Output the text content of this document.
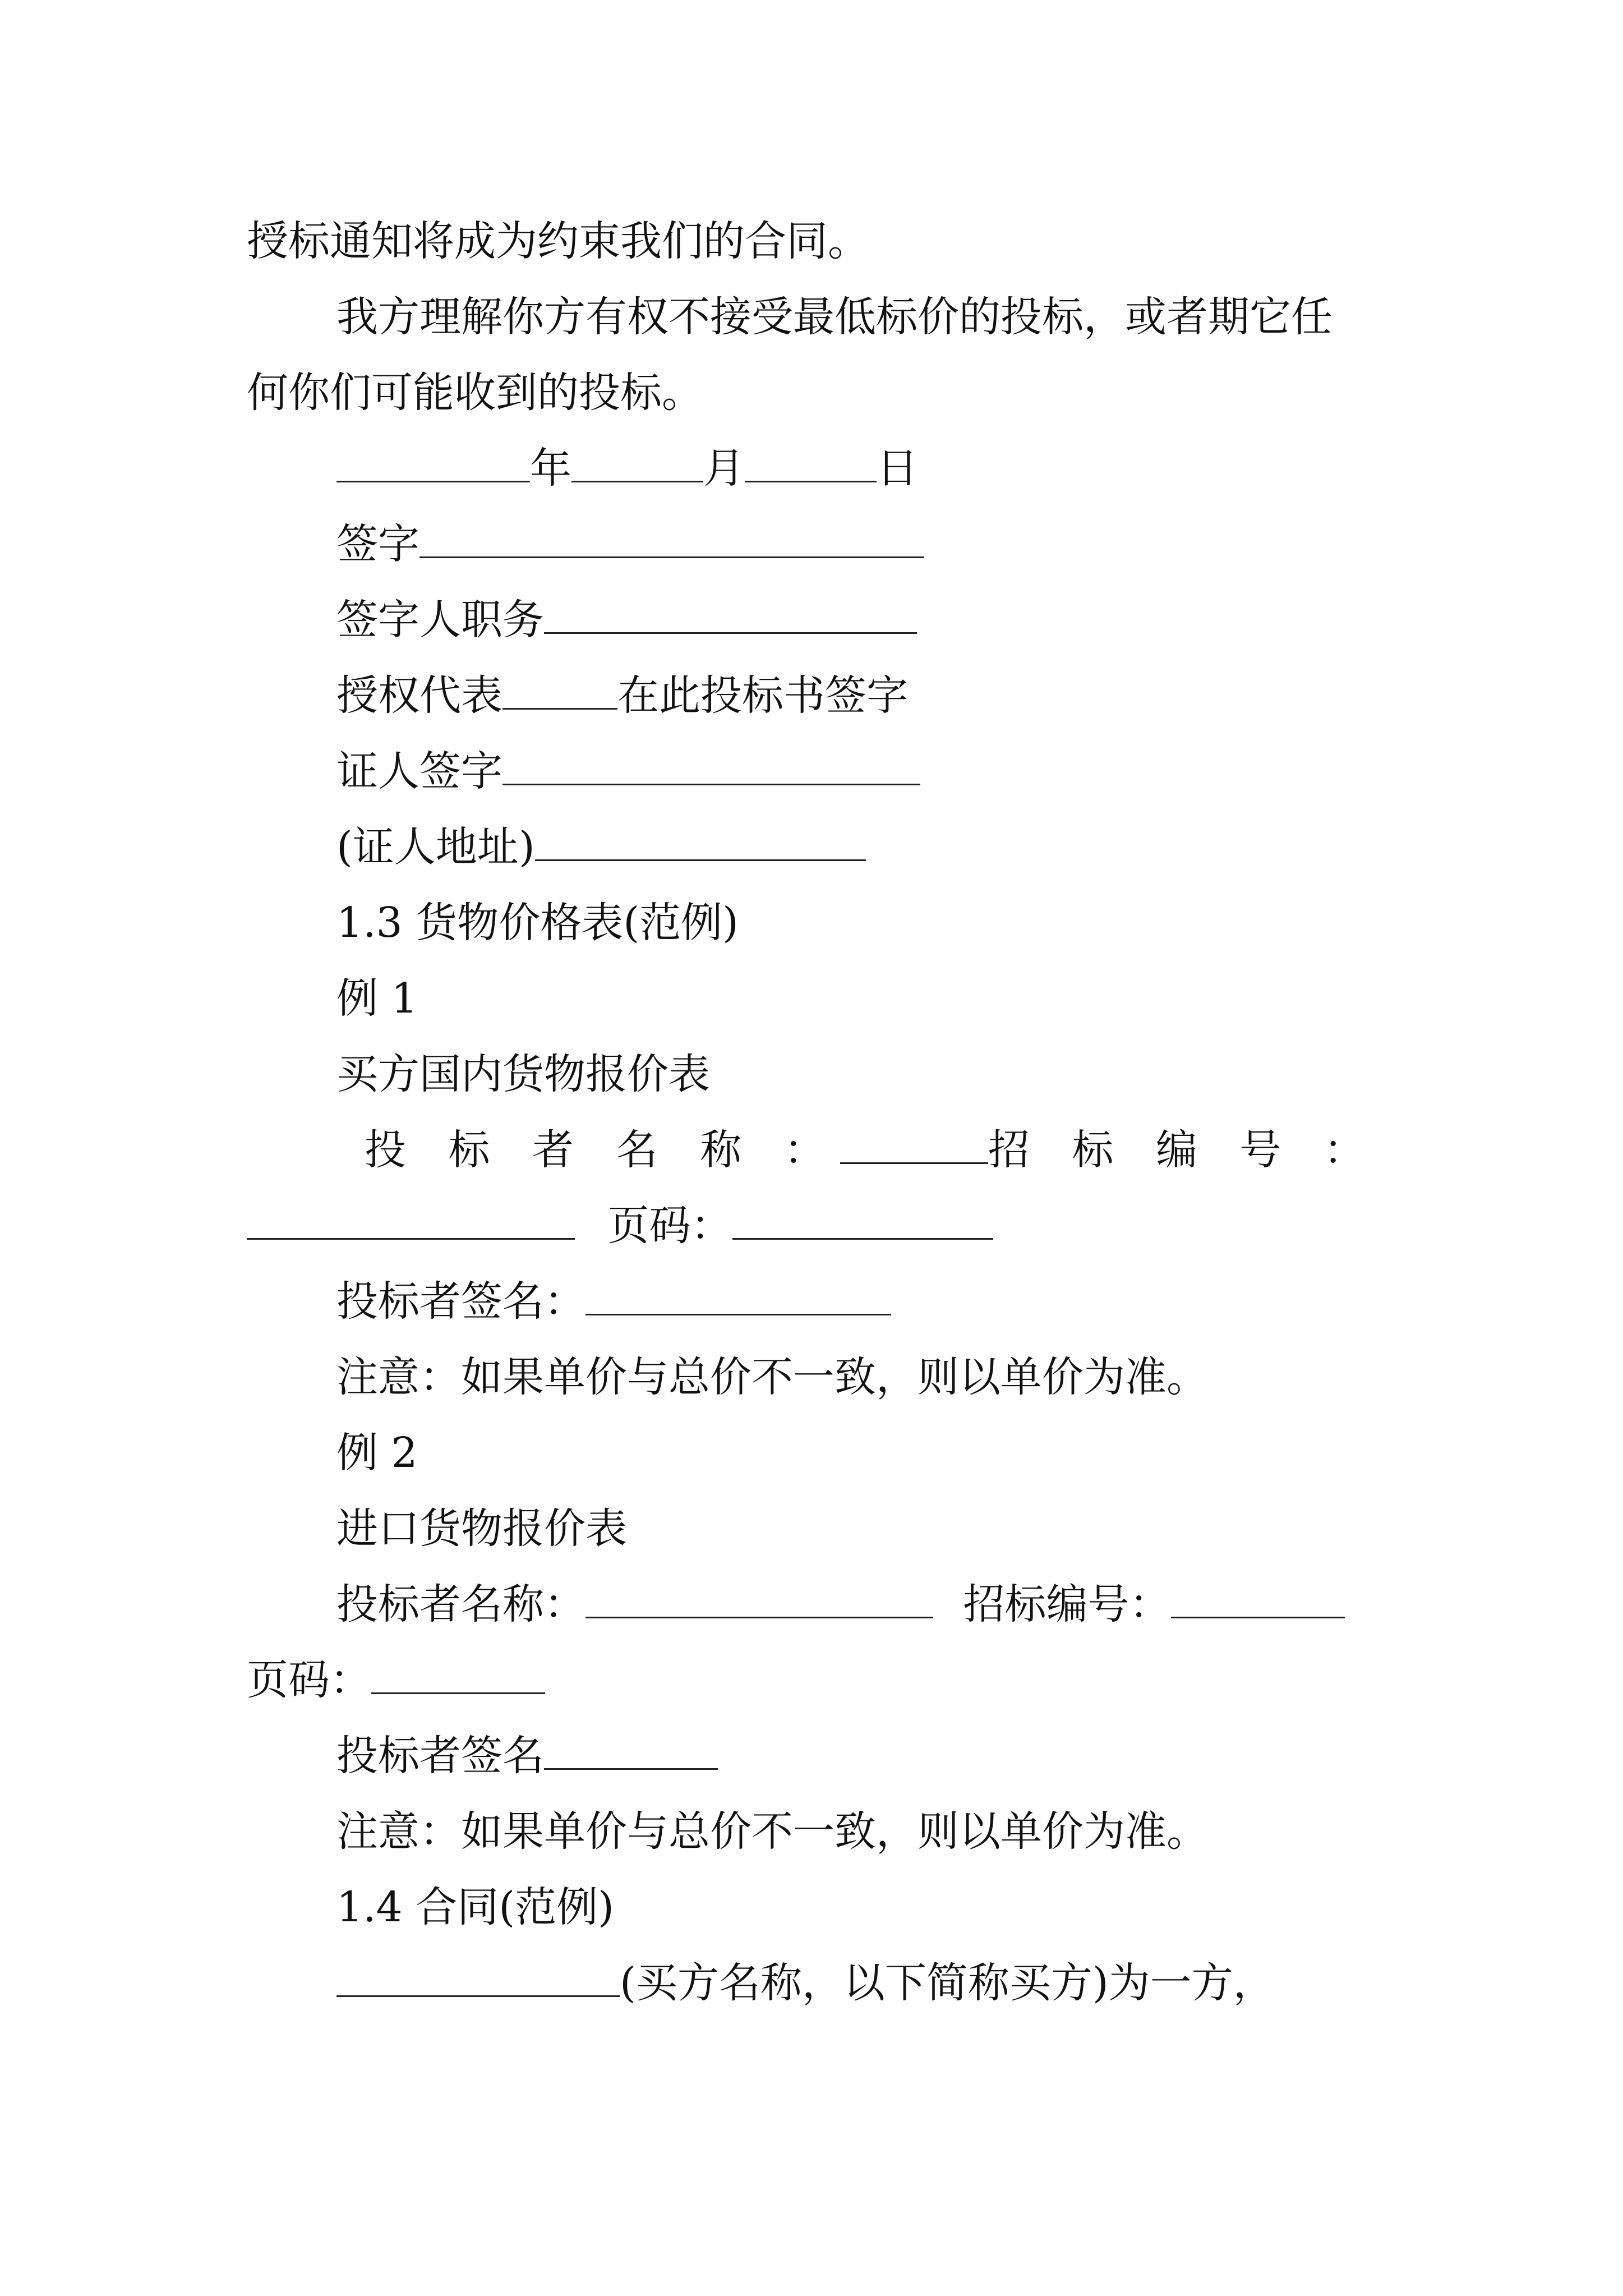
授标通知将成为约束我们的合同。
我方理解你方有权不接受最低标价的投标，或者期它任
何你们可能收到的投标。
年	月	日
签字
签字人职务
授权代表	在此投标书签字
证人签字
(证人地址)
1.3 货物价格表(范例)
例 1
买方国内货物报价表
投 标 者 名 称 ：	招 标 编 号 ：
页码：
投标者签名：
注意：如果单价与总价不一致，则以单价为准。
例 2
进口货物报价表
投标者名称：	招标编号：
页码：
投标者签名
注意：如果单价与总价不一致，则以单价为准。
1.4 合同(范例)
(买方名称，以下简称买方)为一方，
